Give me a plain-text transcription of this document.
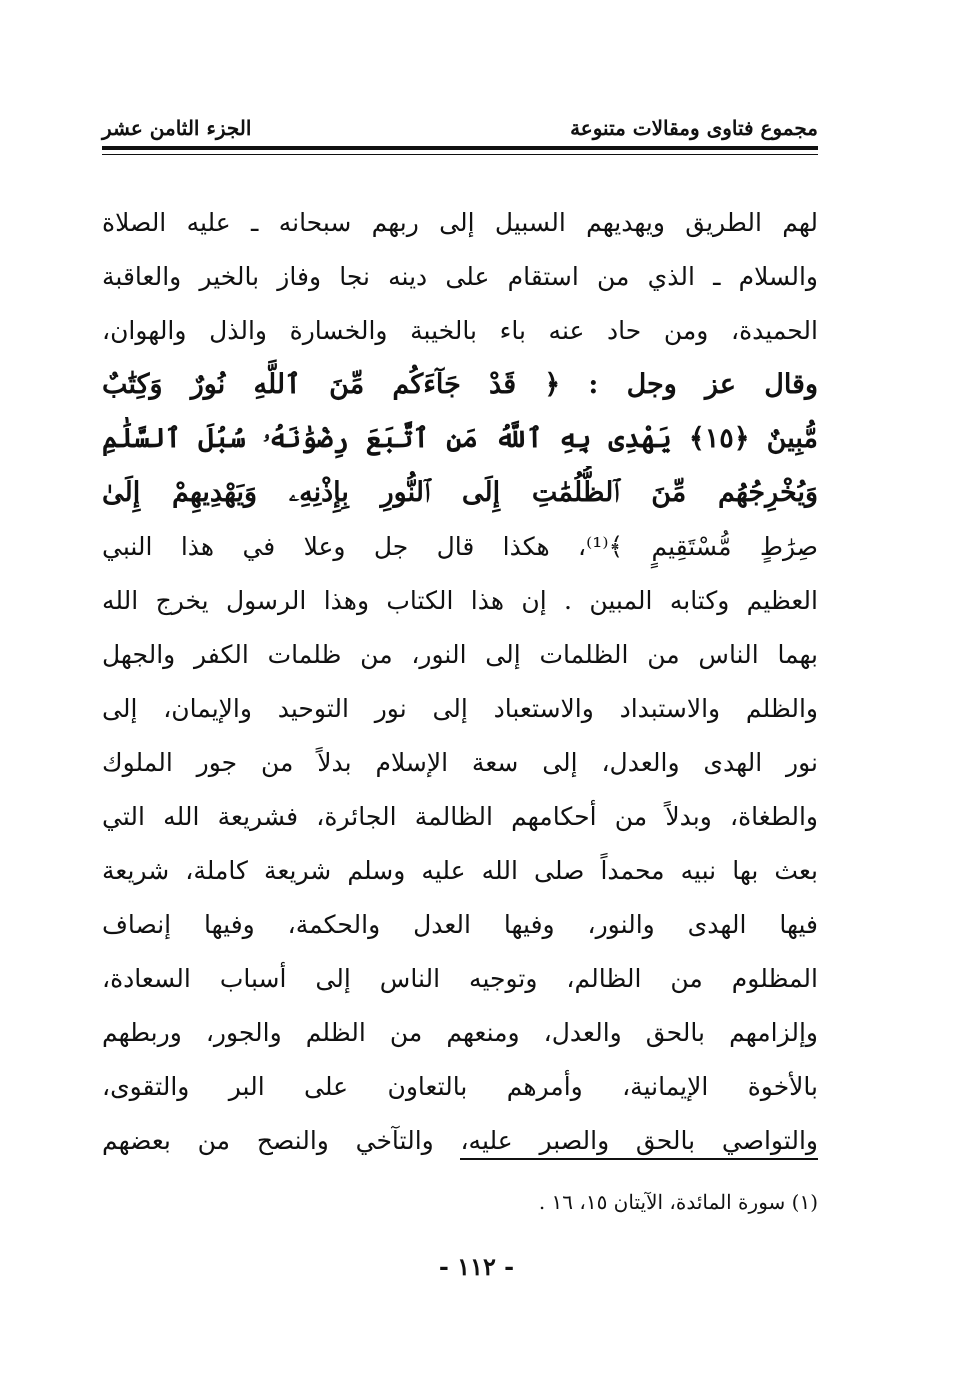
مجموع فتاوى ومقالات متنوعة
الجزء الثامن عشر
لهم الطريق ويهديهم السبيل إلى ربهم سبحانه ـ عليه الصلاة
والسلام ـ الذي من استقام على دينه نجا وفاز بالخير والعاقبة
الحميدة، ومن حاد عنه باء بالخيبة والخسارة والذل والهوان،
وقال عز وجل : ﴿ قَدْ جَآءَكُم مِّنَ ٱللَّهِ نُورٌ وَكِتَٰبٌ
مُّبِينٌ ﴿١٥﴾ يَهْدِى بِهِ ٱللَّهُ مَنِ ٱتَّبَعَ رِضْوَٰنَهُۥ سُبُلَ ٱلسَّلَٰمِ
وَيُخْرِجُهُم مِّنَ ٱلظُّلُمَٰتِ إِلَى ٱلنُّورِ بِإِذْنِهِۦ وَيَهْدِيهِمْ إِلَىٰ
صِرَٰطٍ مُّسْتَقِيمٍ ﴾⁽¹⁾، هكذا قال جل وعلا في هذا النبي
العظيم وكتابه المبين . إن هذا الكتاب وهذا الرسول يخرج الله
بهما الناس من الظلمات إلى النور، من ظلمات الكفر والجهل
والظلم والاستبداد والاستعباد إلى نور التوحيد والإيمان، إلى
نور الهدى والعدل، إلى سعة الإسلام بدلاً من جور الملوك
والطغاة، وبدلاً من أحكامهم الظالمة الجائرة، فشريعة الله التي
بعث بها نبيه محمداً صلى الله عليه وسلم شريعة كاملة، شريعة
فيها الهدى والنور، وفيها العدل والحكمة، وفيها إنصاف
المظلوم من الظالم، وتوجيه الناس إلى أسباب السعادة،
وإلزامهم بالحق والعدل، ومنعهم من الظلم والجور، وربطهم
بالأخوة الإيمانية، وأمرهم بالتعاون على البر والتقوى،
والتواصي بالحق والصبر عليه، والتآخي والنصح من بعضهم
(١) سورة المائدة، الآيتان ١٥، ١٦ .
- ١١٢ -
